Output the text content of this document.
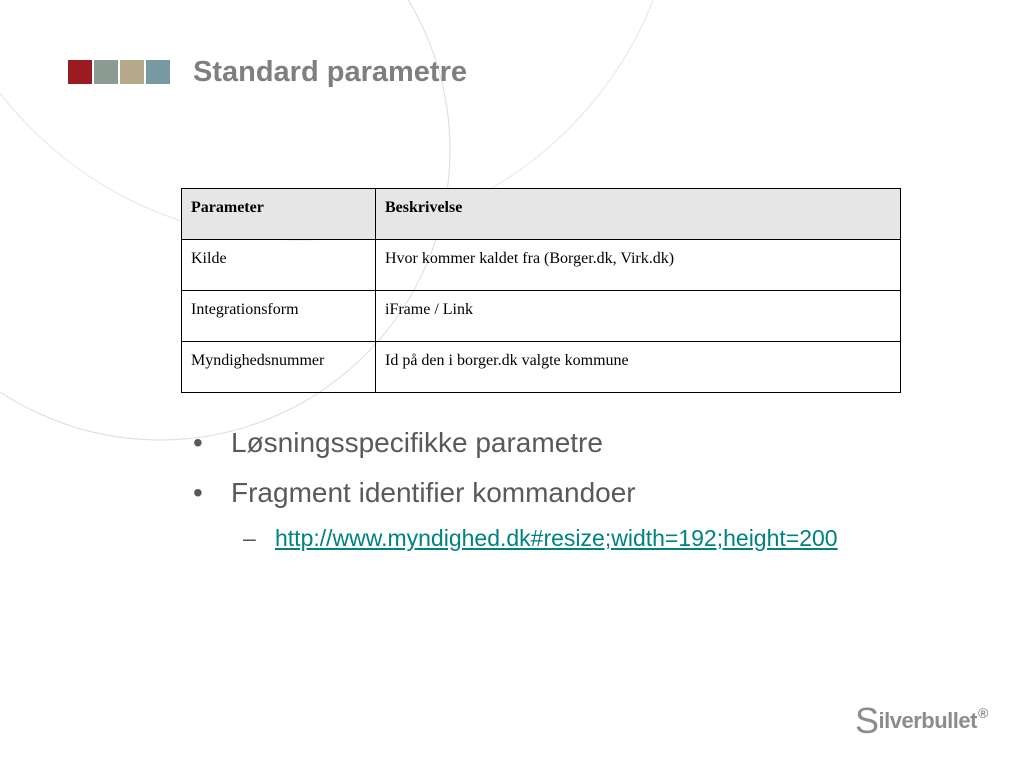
Standard parametre
Parameter	Beskrivelse
Kilde	Hvor kommer kaldet fra (Borger.dk, Virk.dk)
Integrationsform	iFrame / Link
Myndighedsnummer	Id på den i borger.dk valgte kommune
•	Løsningsspecifikke parametre
•	Fragment identifier kommandoer
– http://www.myndighed.dk#resize;width=192;height=200
Silverbullet®
